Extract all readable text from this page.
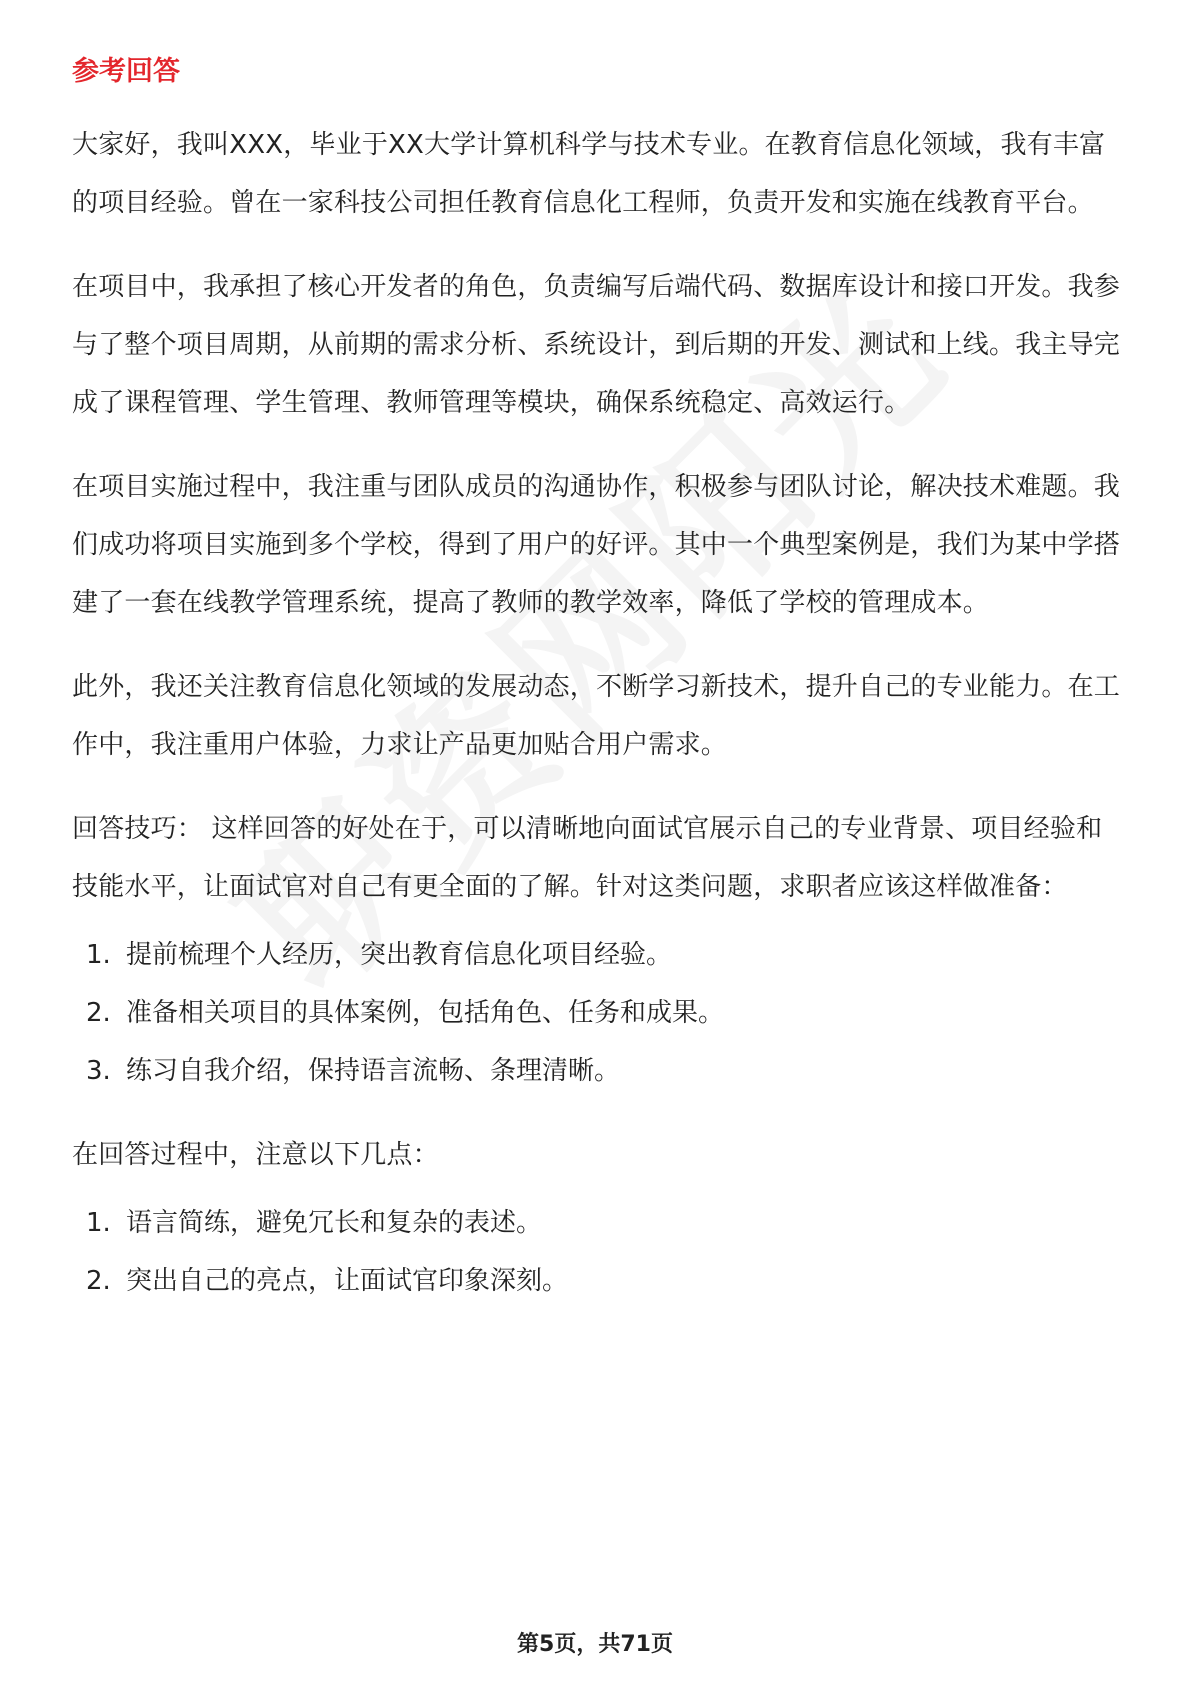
参考回答

大家好，我叫XXX，毕业于XX大学计算机科学与技术专业。在教育信息化领域，我有丰富的项目经验。曾在一家科技公司担任教育信息化工程师，负责开发和实施在线教育平台。

在项目中，我承担了核心开发者的角色，负责编写后端代码、数据库设计和接口开发。我参与了整个项目周期，从前期的需求分析、系统设计，到后期的开发、测试和上线。我主导完成了课程管理、学生管理、教师管理等模块，确保系统稳定、高效运行。

在项目实施过程中，我注重与团队成员的沟通协作，积极参与团队讨论，解决技术难题。我们成功将项目实施到多个学校，得到了用户的好评。其中一个典型案例是，我们为某中学搭建了一套在线教学管理系统，提高了教师的教学效率，降低了学校的管理成本。

此外，我还关注教育信息化领域的发展动态，不断学习新技术，提升自己的专业能力。在工作中，我注重用户体验，力求让产品更加贴合用户需求。

回答技巧： 这样回答的好处在于，可以清晰地向面试官展示自己的专业背景、项目经验和技能水平，让面试官对自己有更全面的了解。针对这类问题，求职者应该这样做准备：

1. 提前梳理个人经历，突出教育信息化项目经验。
2. 准备相关项目的具体案例，包括角色、任务和成果。
3. 练习自我介绍，保持语言流畅、条理清晰。

在回答过程中，注意以下几点：

1. 语言简练，避免冗长和复杂的表述。
2. 突出自己的亮点，让面试官印象深刻。
第5页，共71页
